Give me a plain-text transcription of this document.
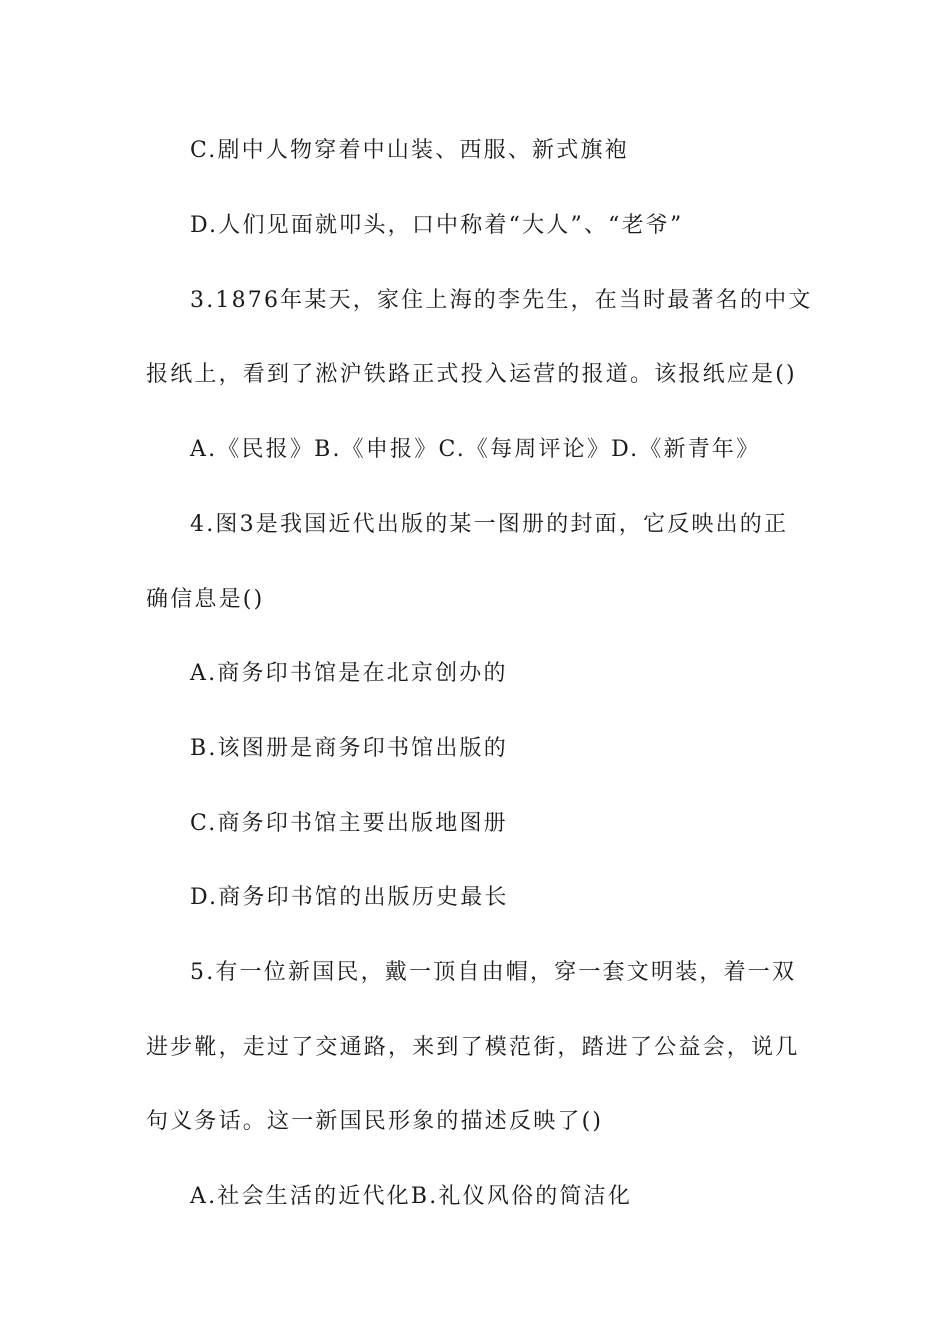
C.剧中人物穿着中山装、西服、新式旗袍
D.人们见面就叩头，口中称着“大人”、“老爷”
3.1876年某天，家住上海的李先生，在当时最著名的中文
报纸上，看到了淞沪铁路正式投入运营的报道。该报纸应是()
A.《民报》B.《申报》C.《每周评论》D.《新青年》
4.图3是我国近代出版的某一图册的封面，它反映出的正
确信息是()
A.商务印书馆是在北京创办的
B.该图册是商务印书馆出版的
C.商务印书馆主要出版地图册
D.商务印书馆的出版历史最长
5.有一位新国民，戴一顶自由帽，穿一套文明装，着一双
进步靴，走过了交通路，来到了模范街，踏进了公益会，说几
句义务话。这一新国民形象的描述反映了()
A.社会生活的近代化B.礼仪风俗的简洁化
